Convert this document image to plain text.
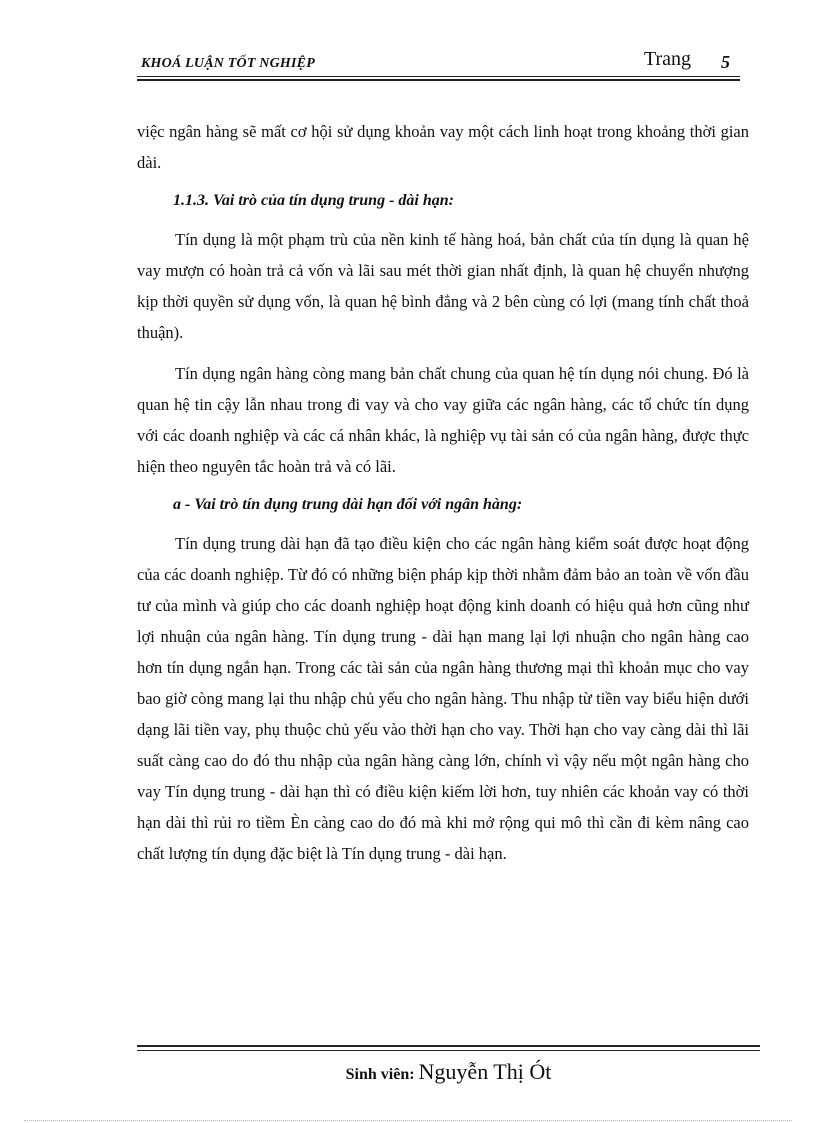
KHOÁ LUẬN TỐT NGHIỆP	Trang 5

việc ngân hàng sẽ mất cơ hội sử dụng khoản vay một cách linh hoạt trong khoảng thời gian dài.

1.1.3. Vai trò của tín dụng trung - dài hạn:

Tín dụng là một phạm trù của nền kinh tế hàng hoá, bản chất của tín dụng là quan hệ vay mượn có hoàn trả cả vốn và lãi sau mét thời gian nhất định, là quan hệ chuyển nhượng kịp thời quyền sử dụng vốn, là quan hệ bình đẳng và 2 bên cùng có lợi (mang tính chất thoả thuận).

Tín dụng ngân hàng còng mang bản chất chung của quan hệ tín dụng nói chung. Đó là quan hệ tin cậy lẫn nhau trong đi vay và cho vay giữa các ngân hàng, các tổ chức tín dụng với các doanh nghiệp và các cá nhân khác, là nghiệp vụ tài sản có của ngân hàng, được thực hiện theo nguyên tắc hoàn trả và có lãi.

a - Vai trò tín dụng trung dài hạn đối với ngân hàng:

Tín dụng trung dài hạn đã tạo điều kiện cho các ngân hàng kiểm soát được hoạt động của các doanh nghiệp. Từ đó có những biện pháp kịp thời nhằm đảm bảo an toàn về vốn đầu tư của mình và giúp cho các doanh nghiệp hoạt động kinh doanh có hiệu quả hơn cũng như lợi nhuận của ngân hàng. Tín dụng trung - dài hạn mang lại lợi nhuận cho ngân hàng cao hơn tín dụng ngắn hạn. Trong các tài sản của ngân hàng thương mại thì khoản mục cho vay bao giờ còng mang lại thu nhập chủ yếu cho ngân hàng. Thu nhập từ tiền vay biểu hiện dưới dạng lãi tiền vay, phụ thuộc chủ yếu vào thời hạn cho vay. Thời hạn cho vay càng dài thì lãi suất càng cao do đó thu nhập của ngân hàng càng lớn, chính vì vậy nếu một ngân hàng cho vay Tín dụng trung - dài hạn thì có điều kiện kiếm lời hơn, tuy nhiên các khoản vay có thời hạn dài thì rủi ro tiềm Èn càng cao do đó mà khi mở rộng qui mô thì cần đi kèm nâng cao chất lượng tín dụng đặc biệt là Tín dụng trung - dài hạn.

Sinh viên: Nguyễn Thị Ót
